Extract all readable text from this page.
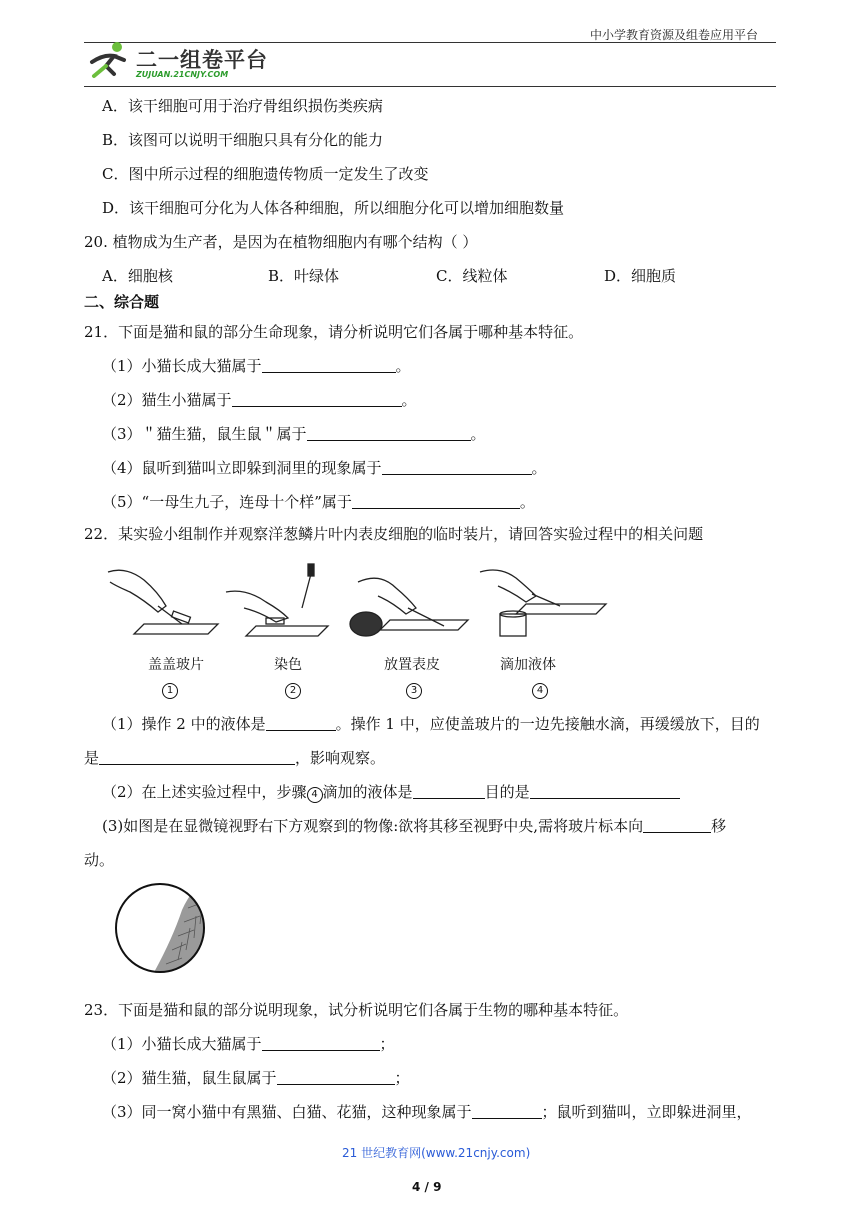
中小学教育资源及组卷应用平台
二一组卷平台
ZUJUAN.21CNJY.COM
A．该干细胞可用于治疗骨组织损伤类疾病
B．该图可以说明干细胞只具有分化的能力
C．图中所示过程的细胞遗传物质一定发生了改变
D．该干细胞可分化为人体各种细胞，所以细胞分化可以增加细胞数量
20. 植物成为生产者，是因为在植物细胞内有哪个结构（ ）
A．细胞核	B．叶绿体	C．线粒体	D．细胞质
二、综合题
21．下面是猫和鼠的部分生命现象，请分析说明它们各属于哪种基本特征。
（1）小猫长成大猫属于	。
（2）猫生小猫属于	。
（3）＂猫生猫，鼠生鼠＂属于	。
（4）鼠听到猫叫立即躲到洞里的现象属于	。
（5）“一母生九子，连母十个样”属于	。
22．某实验小组制作并观察洋葱鳞片叶内表皮细胞的临时装片，请回答实验过程中的相关问题
盖盖玻片	染色	放置表皮	滴加液体
1	2	3	4
（1）操作 2 中的液体是	。操作 1 中，应使盖玻片的一边先接触水滴，再缓缓放下，目的
是	，影响观察。
（2）在上述实验过程中，步骤 4 滴加的液体是	目的是
(3)如图是在显微镜视野右下方观察到的物像:欲将其移至视野中央,需将玻片标本向	移
动。
23．下面是猫和鼠的部分说明现象，试分析说明它们各属于生物的哪种基本特征。
（1）小猫长成大猫属于	；
（2）猫生猫，鼠生鼠属于	；
（3）同一窝小猫中有黑猫、白猫、花猫，这种现象属于	；鼠听到猫叫，立即躲进洞里，
21 世纪教育网(www.21cnjy.com)
4 / 9
